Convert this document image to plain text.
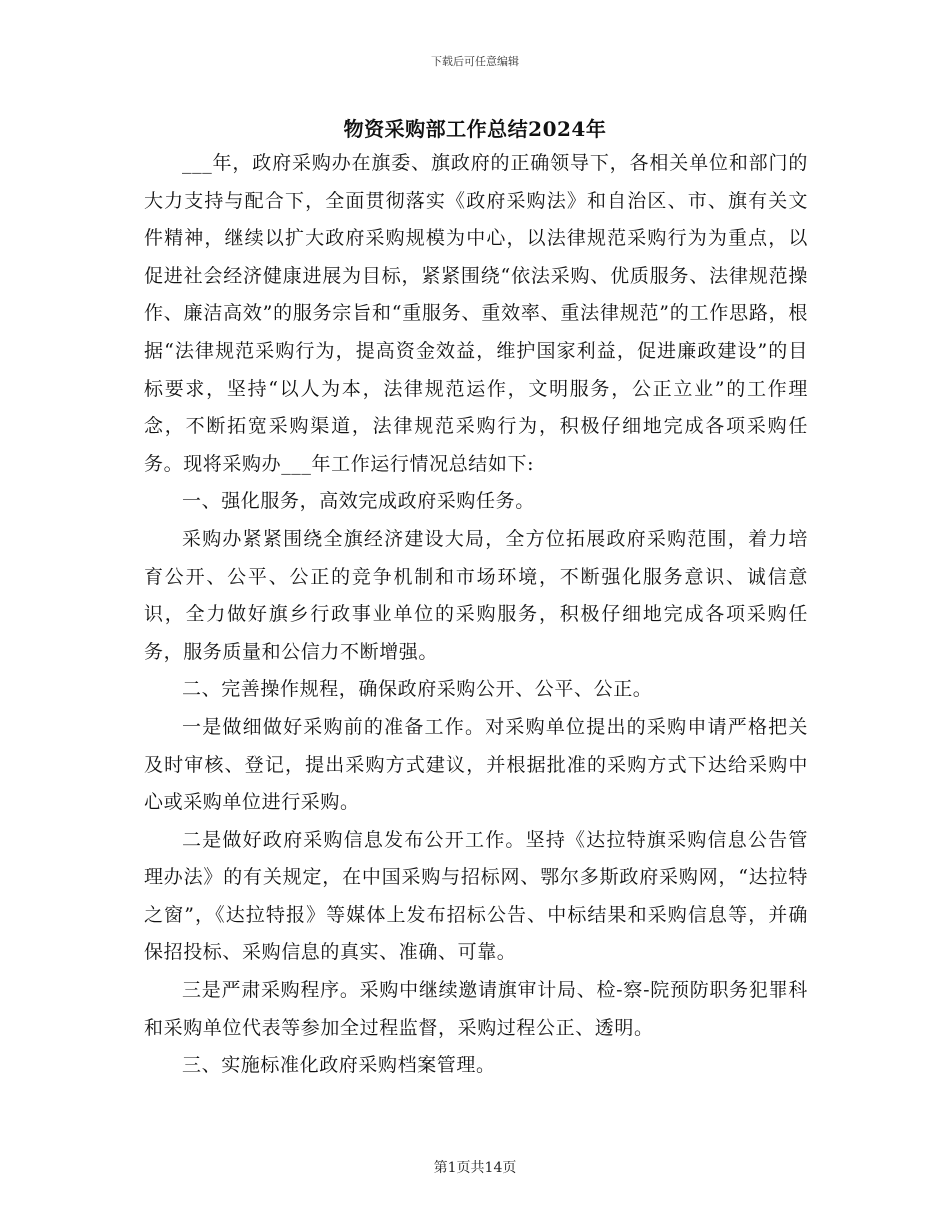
下载后可任意编辑
物资采购部工作总结2024年

___年，政府采购办在旗委、旗政府的正确领导下，各相关单位和部门的大力支持与配合下，全面贯彻落实《政府采购法》和自治区、市、旗有关文件精神，继续以扩大政府采购规模为中心，以法律规范采购行为为重点，以促进社会经济健康进展为目标，紧紧围绕“依法采购、优质服务、法律规范操作、廉洁高效”的服务宗旨和“重服务、重效率、重法律规范”的工作思路，根据“法律规范采购行为，提高资金效益，维护国家利益，促进廉政建设”的目标要求，坚持“以人为本，法律规范运作，文明服务，公正立业”的工作理念，不断拓宽采购渠道，法律规范采购行为，积极仔细地完成各项采购任务。现将采购办___年工作运行情况总结如下:

一、强化服务，高效完成政府采购任务。

采购办紧紧围绕全旗经济建设大局，全方位拓展政府采购范围，着力培育公开、公平、公正的竞争机制和市场环境，不断强化服务意识、诚信意识，全力做好旗乡行政事业单位的采购服务，积极仔细地完成各项采购任务，服务质量和公信力不断增强。

二、完善操作规程，确保政府采购公开、公平、公正。

一是做细做好采购前的准备工作。对采购单位提出的采购申请严格把关及时审核、登记，提出采购方式建议，并根据批准的采购方式下达给采购中心或采购单位进行采购。

二是做好政府采购信息发布公开工作。坚持《达拉特旗采购信息公告管理办法》的有关规定，在中国采购与招标网、鄂尔多斯政府采购网，“达拉特之窗”，《达拉特报》等媒体上发布招标公告、中标结果和采购信息等，并确保招投标、采购信息的真实、准确、可靠。

三是严肃采购程序。采购中继续邀请旗审计局、检-察-院预防职务犯罪科和采购单位代表等参加全过程监督，采购过程公正、透明。

三、实施标准化政府采购档案管理。

第1页共14页
